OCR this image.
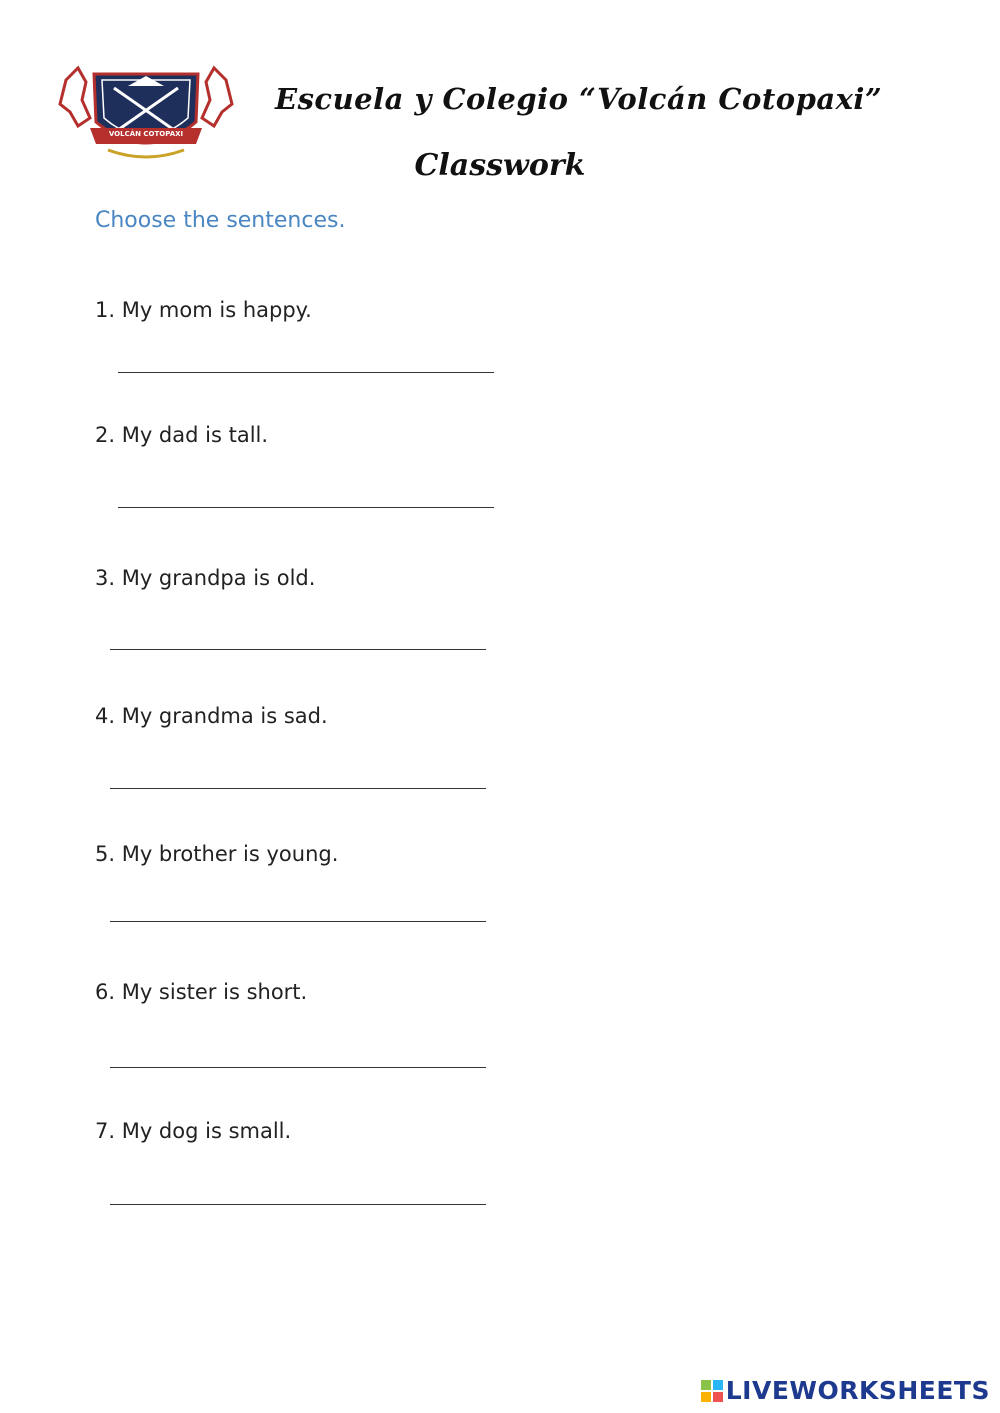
VOLCÁN COTOPAXI
Escuela y Colegio “Volcán Cotopaxi”
Classwork
Choose the sentences.
1. My mom is happy.
2. My dad is tall.
3. My grandpa is old.
4. My grandma is sad.
5. My brother is young.
6. My sister is short.
7. My dog is small.
LIVEWORKSHEETS
